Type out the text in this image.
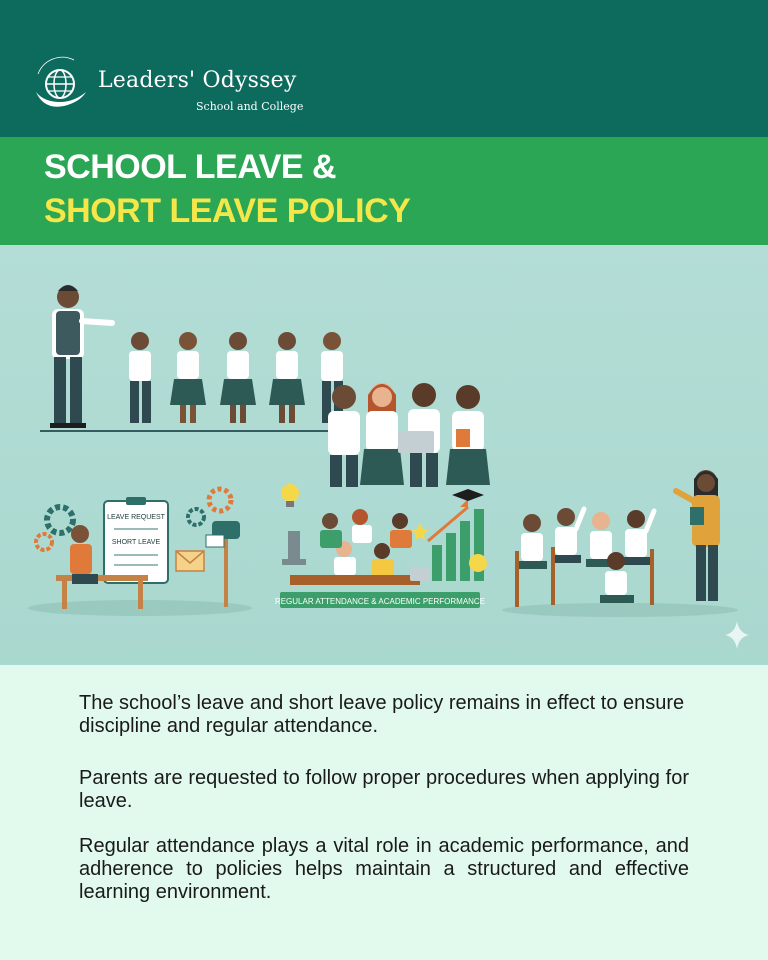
Leaders' Odyssey
School and College
SCHOOL LEAVE &
SHORT LEAVE POLICY
LEAVE REQUEST
SHORT LEAVE
REGULAR ATTENDANCE & ACADEMIC PERFORMANCE
The school’s leave and short leave policy remains in effect to ensure discipline and regular attendance.
Parents are requested to follow proper procedures when applying for leave.
Regular attendance plays a vital role in academic performance, and adherence to policies helps maintain a structured and effective learning environment.
